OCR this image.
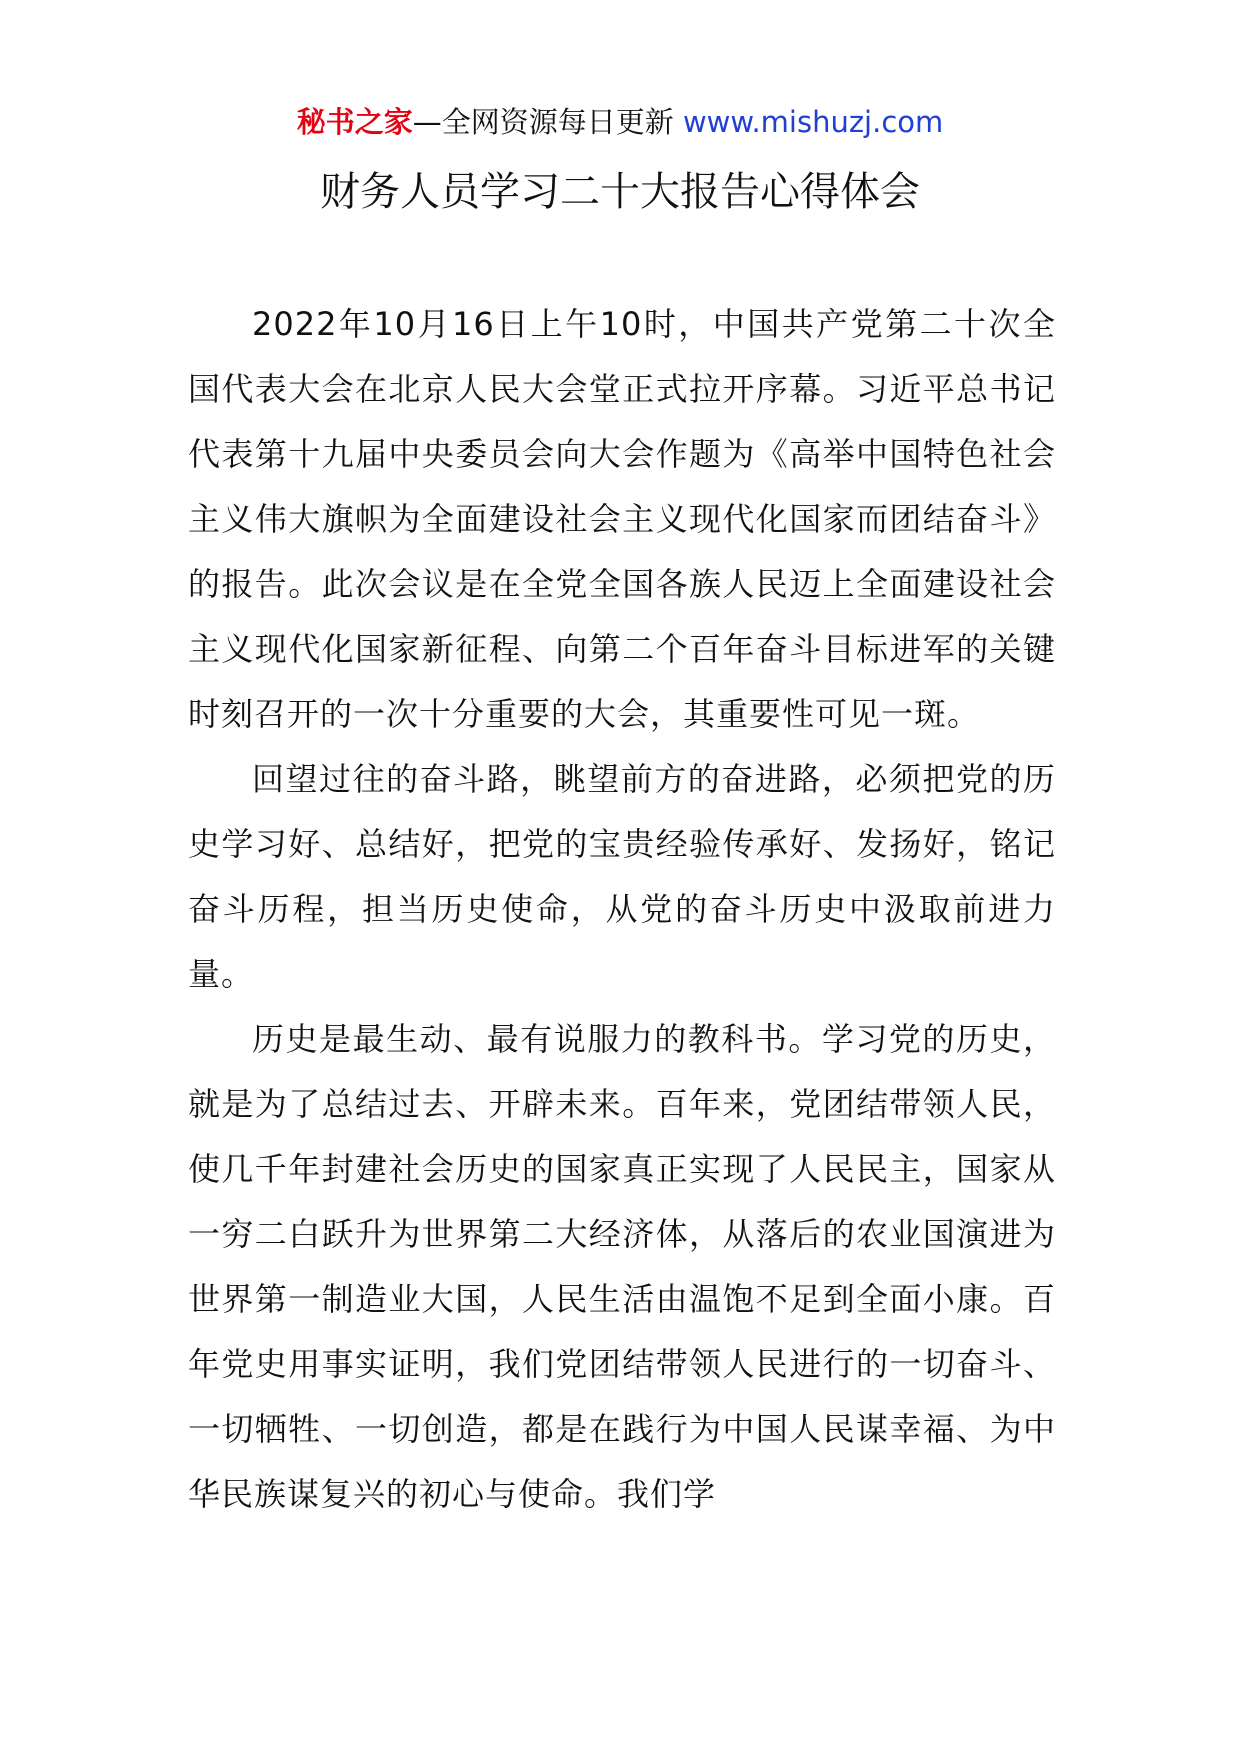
秘书之家—全网资源每日更新 www.mishuzj.com
财务人员学习二十大报告心得体会

2022年10月16日上午10时，中国共产党第二十次全国代表大会在北京人民大会堂正式拉开序幕。习近平总书记代表第十九届中央委员会向大会作题为《高举中国特色社会主义伟大旗帜为全面建设社会主义现代化国家而团结奋斗》的报告。此次会议是在全党全国各族人民迈上全面建设社会主义现代化国家新征程、向第二个百年奋斗目标进军的关键时刻召开的一次十分重要的大会，其重要性可见一斑。

回望过往的奋斗路，眺望前方的奋进路，必须把党的历史学习好、总结好，把党的宝贵经验传承好、发扬好，铭记奋斗历程，担当历史使命，从党的奋斗历史中汲取前进力量。

历史是最生动、最有说服力的教科书。学习党的历史，就是为了总结过去、开辟未来。百年来，党团结带领人民，使几千年封建社会历史的国家真正实现了人民民主，国家从一穷二白跃升为世界第二大经济体，从落后的农业国演进为世界第一制造业大国，人民生活由温饱不足到全面小康。百年党史用事实证明，我们党团结带领人民进行的一切奋斗、一切牺牲、一切创造，都是在践行为中国人民谋幸福、为中华民族谋复兴的初心与使命。我们学
